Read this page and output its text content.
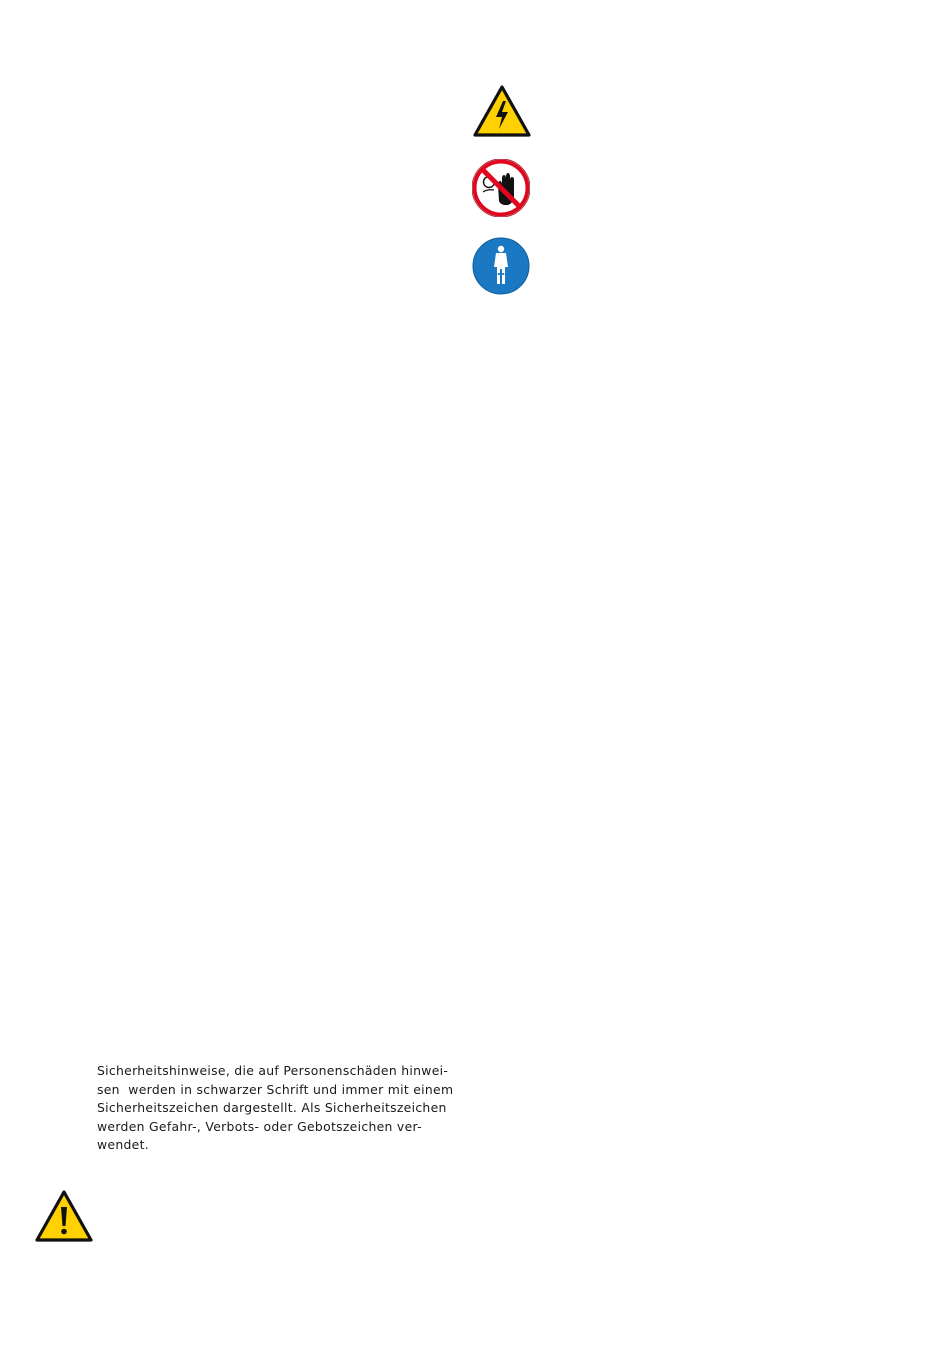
Sicherheitshinweise, die auf Personenschäden hinwei-
sen  werden in schwarzer Schrift und immer mit einem
Sicherheitszeichen dargestellt. Als Sicherheitszeichen
werden Gefahr-, Verbots- oder Gebotszeichen ver-
wendet.
